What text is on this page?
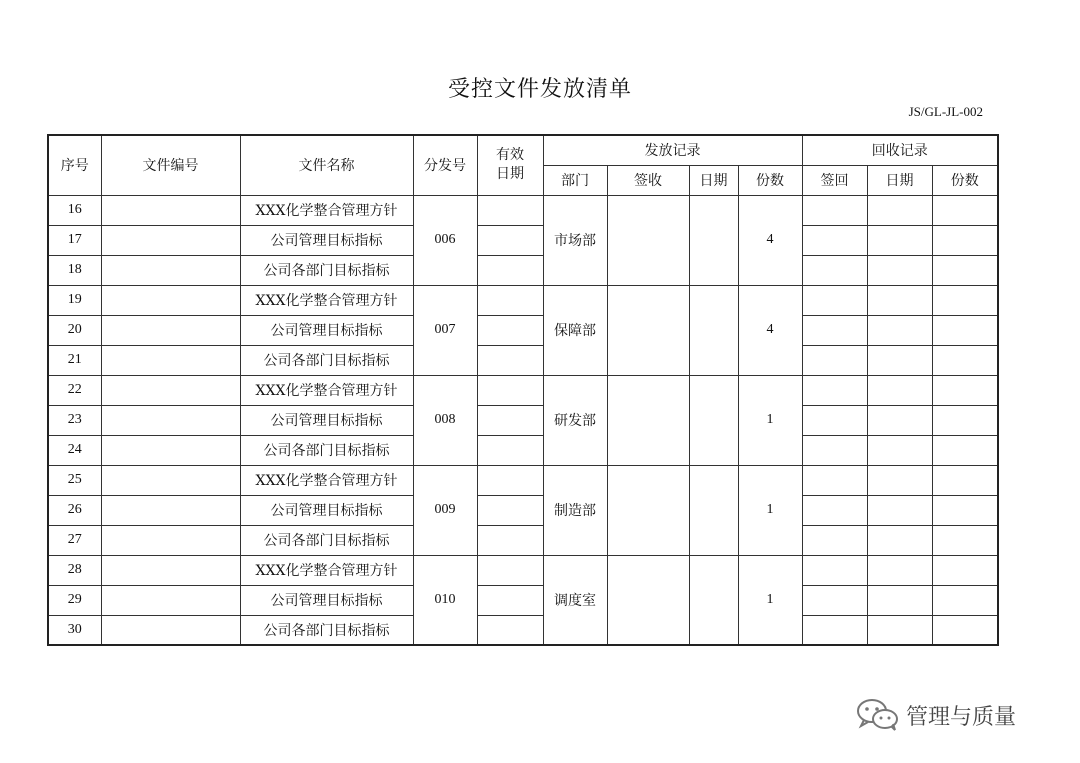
受控文件发放清单
JS/GL-JL-002
序号	文件编号	文件名称	分发号	有效日期	发放记录				回收记录		
					部门	签收	日期	份数	签回	日期	份数
16		XXX化学整合管理方针	006		市场部			4			
17		公司管理目标指标									
18		公司各部门目标指标									
19		XXX化学整合管理方针	007		保障部			4			
20		公司管理目标指标									
21		公司各部门目标指标									
22		XXX化学整合管理方针	008		研发部			1			
23		公司管理目标指标									
24		公司各部门目标指标									
25		XXX化学整合管理方针	009		制造部			1			
26		公司管理目标指标									
27		公司各部门目标指标									
28		XXX化学整合管理方针	010		调度室			1			
29		公司管理目标指标									
30		公司各部门目标指标									
管理与质量
